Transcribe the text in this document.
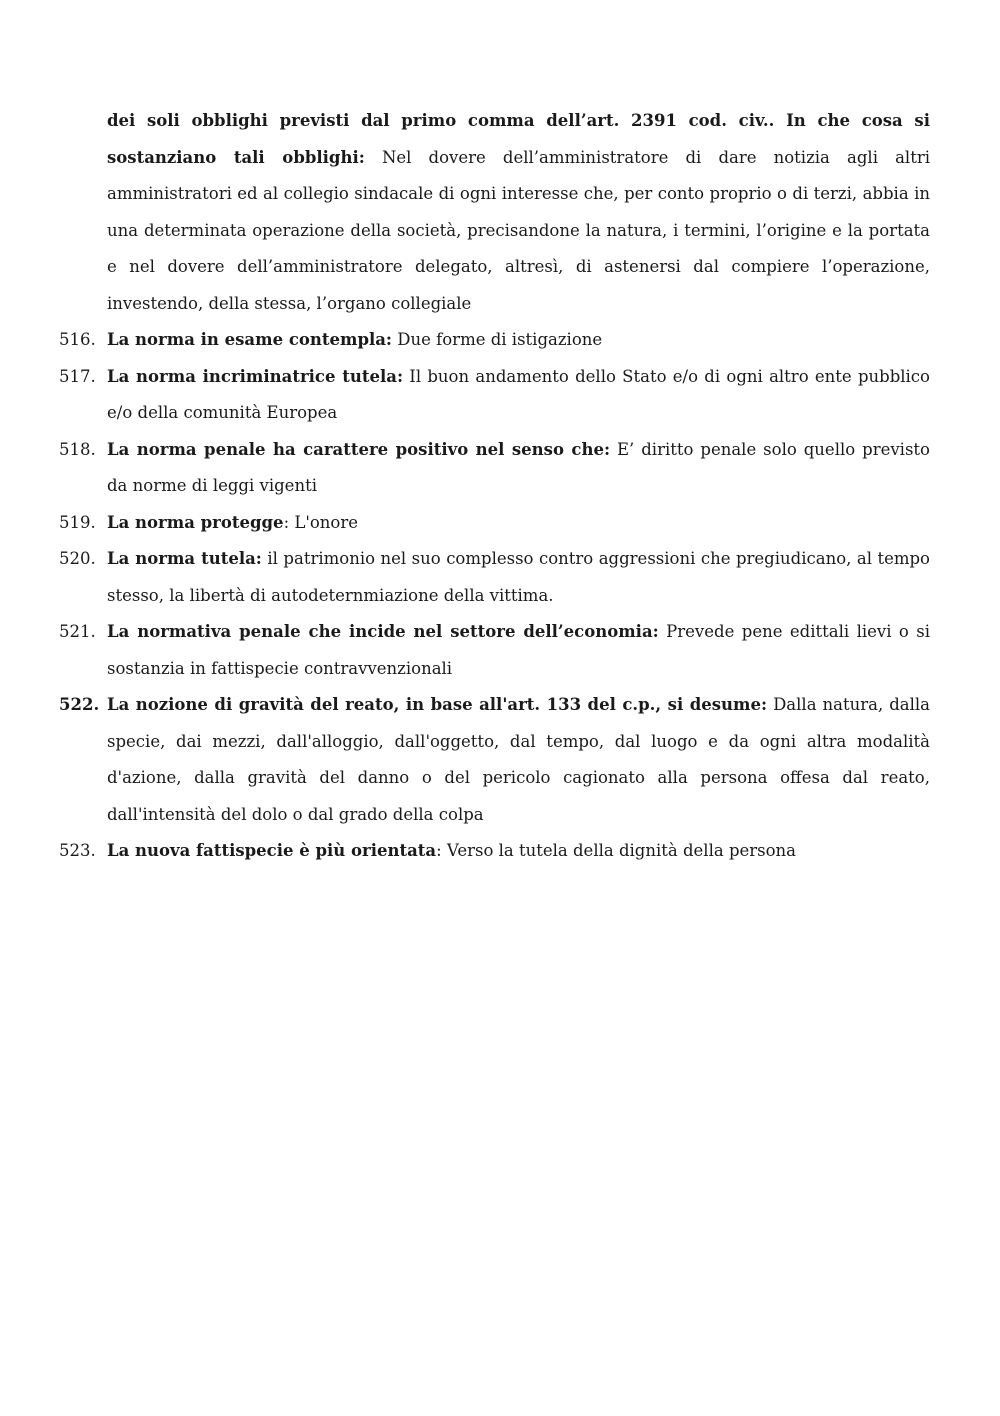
dei soli obblighi previsti dal primo comma dell’art. 2391 cod. civ.. In che cosa si sostanziano tali obblighi: Nel dovere dell’amministratore di dare notizia agli altri amministratori ed al collegio sindacale di ogni interesse che, per conto proprio o di terzi, abbia in una determinata operazione della società, precisandone la natura, i termini, l’origine e la portata e nel dovere dell’amministratore delegato, altresì, di astenersi dal compiere l’operazione, investendo, della stessa, l’organo collegiale

516. La norma in esame contempla: Due forme di istigazione

517. La norma incriminatrice tutela: Il buon andamento dello Stato e/o di ogni altro ente pubblico e/o della comunità Europea

518. La norma penale ha carattere positivo nel senso che: E’ diritto penale solo quello previsto da norme di leggi vigenti

519. La norma protegge: L'onore

520. La norma tutela: il patrimonio nel suo complesso contro aggressioni che pregiudicano, al tempo stesso, la libertà di autodeternmiazione della vittima.

521. La normativa penale che incide nel settore dell’economia: Prevede pene edittali lievi o si sostanzia in fattispecie contravvenzionali

522. La nozione di gravità del reato, in base all'art. 133 del c.p., si desume: Dalla natura, dalla specie, dai mezzi, dall'alloggio, dall'oggetto, dal tempo, dal luogo e da ogni altra modalità d'azione, dalla gravità del danno o del pericolo cagionato alla persona offesa dal reato, dall'intensità del dolo o dal grado della colpa

523. La nuova fattispecie è più orientata: Verso la tutela della dignità della persona
